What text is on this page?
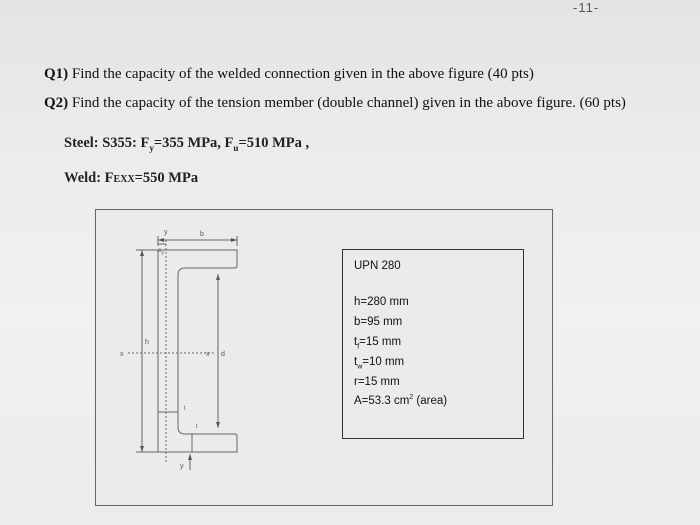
-11-
Q1) Find the capacity of the welded connection given in the above figure (40 pts)
Q2) Find the capacity of the tension member (double channel) given in the above figure. (60 pts)
Steel: S355: $F_y=355$ MPa, $F_u=510$ MPa ,
Weld: FEXX=550 MPa
y
$e_y$
b
h
x	x d
t
t
y
UPN 280
h=280 mm
b=95 mm
$t_f=15$ mm
$t_w=10$ mm
r=15 mm
A=53.3 $cm^2$ (area)
